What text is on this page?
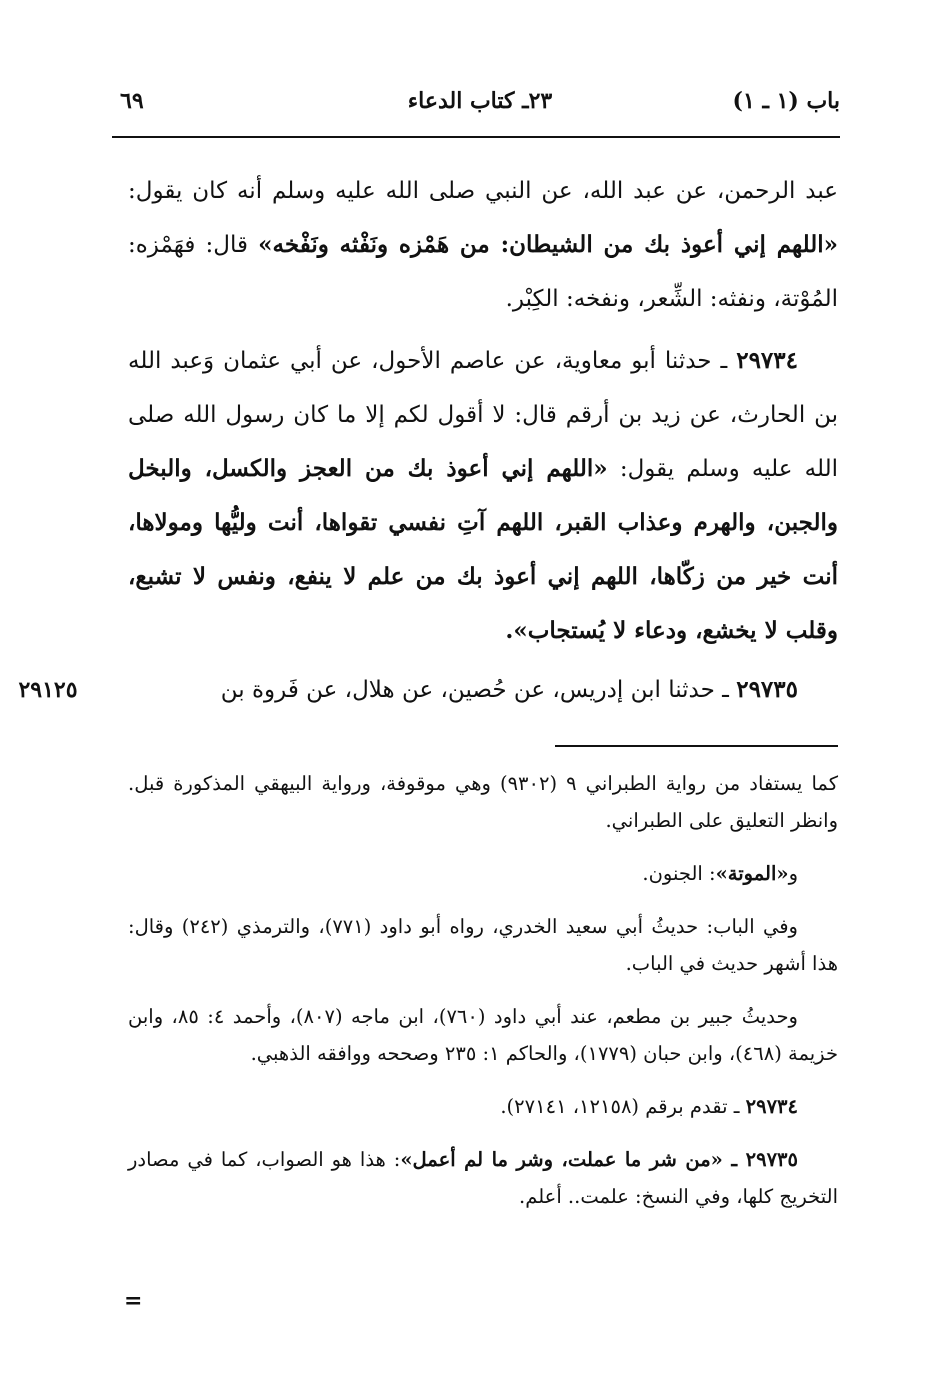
باب (١ ـ ١)
٢٣ـ كتاب الدعاء
٦٩

عبد الرحمن، عن عبد الله، عن النبي صلى الله عليه وسلم أنه كان يقول: «اللهم إني أعوذ بك من الشيطان: من هَمْزه ونَفْثه ونَفْخه» قال: فهَمْزه: المُوْتة، ونفثه: الشِّعر، ونفخه: الكِبْر.

٢٩٧٣٤ ـ حدثنا أبو معاوية، عن عاصم الأحول، عن أبي عثمان وَعبد الله بن الحارث، عن زيد بن أرقم قال: لا أقول لكم إلا ما كان رسول الله صلى الله عليه وسلم يقول: «اللهم إني أعوذ بك من العجز والكسل، والبخل والجبن، والهرم وعذاب القبر، اللهم آتِ نفسي تقواها، أنت وليُّها ومولاها، أنت خير من زكّاها، اللهم إني أعوذ بك من علم لا ينفع، ونفس لا تشبع، وقلب لا يخشع، ودعاء لا يُستجاب».

٢٩٧٣٥ ـ حدثنا ابن إدريس، عن حُصين، عن هلال، عن فَروة بن

٢٩١٢٥

كما يستفاد من رواية الطبراني ٩ (٩٣٠٢) وهي موقوفة، ورواية البيهقي المذكورة قبل. وانظر التعليق على الطبراني.

و«الموتة»: الجنون.

وفي الباب: حديثُ أبي سعيد الخدري، رواه أبو داود (٧٧١)، والترمذي (٢٤٢) وقال: هذا أشهر حديث في الباب.

وحديثُ جبير بن مطعم، عند أبي داود (٧٦٠)، ابن ماجه (٨٠٧)، وأحمد ٤: ٨٥، وابن خزيمة (٤٦٨)، وابن حبان (١٧٧٩)، والحاكم ١: ٢٣٥ وصححه ووافقه الذهبي.

٢٩٧٣٤ ـ تقدم برقم (١٢١٥٨، ٢٧١٤١).

٢٩٧٣٥ ـ «من شر ما عملت، وشر ما لم أعمل»: هذا هو الصواب، كما في مصادر التخريج كلها، وفي النسخ: علمت.. أعلم.

=
